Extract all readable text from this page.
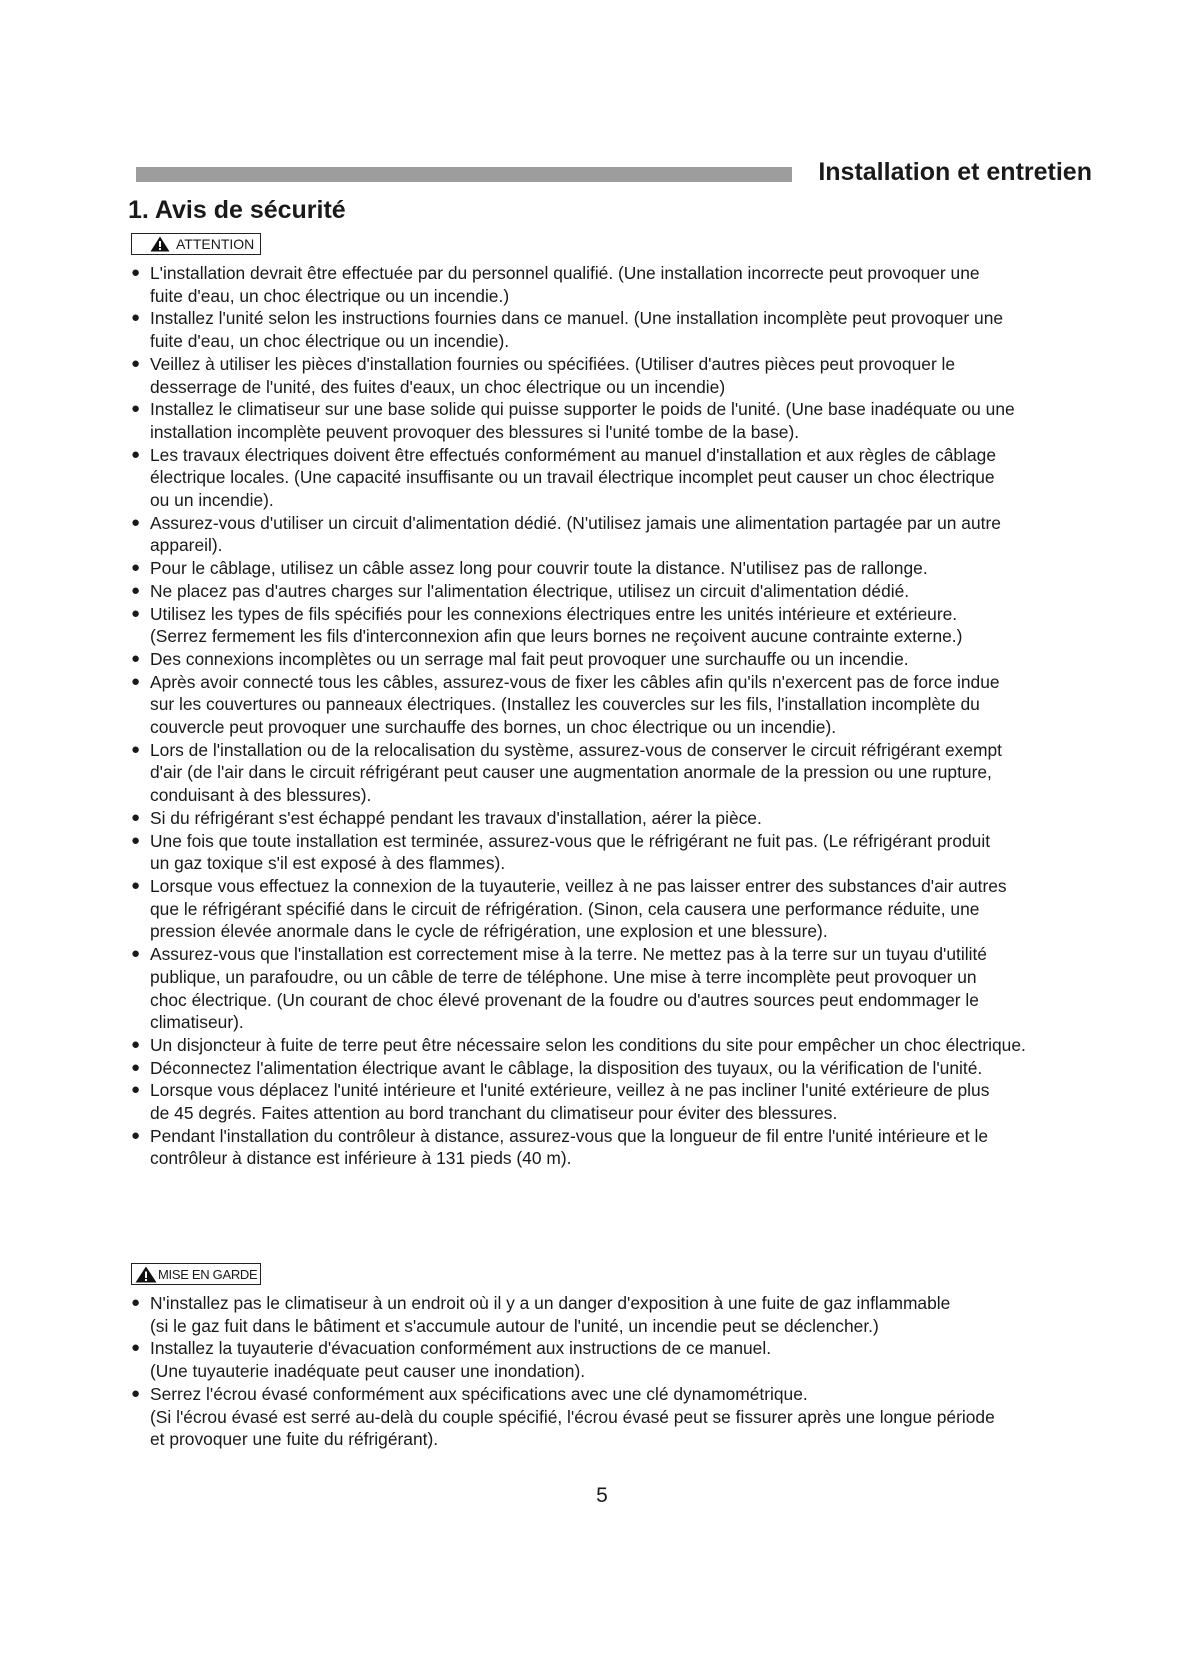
Installation et entretien
1. Avis de sécurité
ATTENTION
● L'installation devrait être effectuée par du personnel qualifié. (Une installation incorrecte peut provoquer une
fuite d'eau, un choc électrique ou un incendie.)
● Installez l'unité selon les instructions fournies dans ce manuel. (Une installation incomplète peut provoquer une
fuite d'eau, un choc électrique ou un incendie).
● Veillez à utiliser les pièces d'installation fournies ou spécifiées. (Utiliser d'autres pièces peut provoquer le
desserrage de l'unité, des fuites d'eaux, un choc électrique ou un incendie)
● Installez le climatiseur sur une base solide qui puisse supporter le poids de l'unité. (Une base inadéquate ou une
installation incomplète peuvent provoquer des blessures si l'unité tombe de la base).
● Les travaux électriques doivent être effectués conformément au manuel d'installation et aux règles de câblage
électrique locales. (Une capacité insuffisante ou un travail électrique incomplet peut causer un choc électrique
ou un incendie).
● Assurez-vous d'utiliser un circuit d'alimentation dédié. (N'utilisez jamais une alimentation partagée par un autre
appareil).
● Pour le câblage, utilisez un câble assez long pour couvrir toute la distance. N'utilisez pas de rallonge.
● Ne placez pas d'autres charges sur l'alimentation électrique, utilisez un circuit d'alimentation dédié.
● Utilisez les types de fils spécifiés pour les connexions électriques entre les unités intérieure et extérieure.
(Serrez fermement les fils d'interconnexion afin que leurs bornes ne reçoivent aucune contrainte externe.)
● Des connexions incomplètes ou un serrage mal fait peut provoquer une surchauffe ou un incendie.
● Après avoir connecté tous les câbles, assurez-vous de fixer les câbles afin qu'ils n'exercent pas de force indue
sur les couvertures ou panneaux électriques. (Installez les couvercles sur les fils, l'installation incomplète du
couvercle peut provoquer une surchauffe des bornes, un choc électrique ou un incendie).
● Lors de l'installation ou de la relocalisation du système, assurez-vous de conserver le circuit réfrigérant exempt
d'air (de l'air dans le circuit réfrigérant peut causer une augmentation anormale de la pression ou une rupture,
conduisant à des blessures).
● Si du réfrigérant s'est échappé pendant les travaux d'installation, aérer la pièce.
● Une fois que toute installation est terminée, assurez-vous que le réfrigérant ne fuit pas. (Le réfrigérant produit
un gaz toxique s'il est exposé à des flammes).
● Lorsque vous effectuez la connexion de la tuyauterie, veillez à ne pas laisser entrer des substances d'air autres
que le réfrigérant spécifié dans le circuit de réfrigération. (Sinon, cela causera une performance réduite, une
pression élevée anormale dans le cycle de réfrigération, une explosion et une blessure).
● Assurez-vous que l'installation est correctement mise à la terre. Ne mettez pas à la terre sur un tuyau d'utilité
publique, un parafoudre, ou un câble de terre de téléphone. Une mise à terre incomplète peut provoquer un
choc électrique. (Un courant de choc élevé provenant de la foudre ou d'autres sources peut endommager le
climatiseur).
● Un disjoncteur à fuite de terre peut être nécessaire selon les conditions du site pour empêcher un choc électrique.
● Déconnectez l'alimentation électrique avant le câblage, la disposition des tuyaux, ou la vérification de l'unité.
● Lorsque vous déplacez l'unité intérieure et l'unité extérieure, veillez à ne pas incliner l'unité extérieure de plus
de 45 degrés. Faites attention au bord tranchant du climatiseur pour éviter des blessures.
● Pendant l'installation du contrôleur à distance, assurez-vous que la longueur de fil entre l'unité intérieure et le
contrôleur à distance est inférieure à 131 pieds (40 m).
MISE EN GARDE
● N'installez pas le climatiseur à un endroit où il y a un danger d'exposition à une fuite de gaz inflammable
(si le gaz fuit dans le bâtiment et s'accumule autour de l'unité, un incendie peut se déclencher.)
● Installez la tuyauterie d'évacuation conformément aux instructions de ce manuel.
(Une tuyauterie inadéquate peut causer une inondation).
● Serrez l'écrou évasé conformément aux spécifications avec une clé dynamométrique.
(Si l'écrou évasé est serré au-delà du couple spécifié, l'écrou évasé peut se fissurer après une longue période
et provoquer une fuite du réfrigérant).

5
